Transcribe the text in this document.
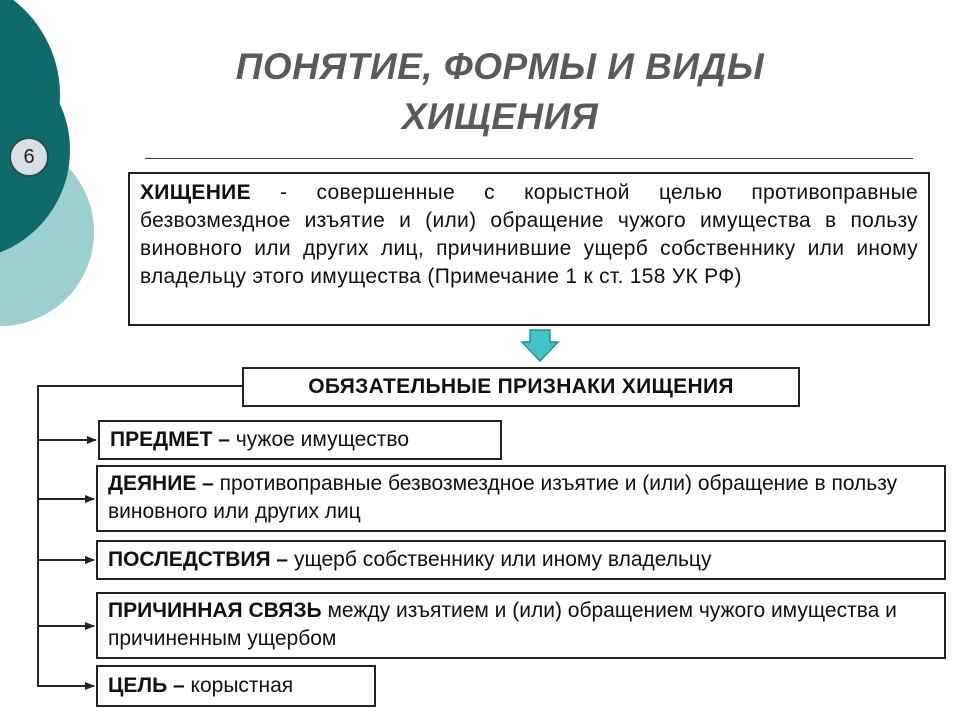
6
ПОНЯТИЕ, ФОРМЫ И ВИДЫ
ХИЩЕНИЯ
ХИЩЕНИЕ - совершенные с корыстной целью противоправные безвозмездное изъятие и (или) обращение чужого имущества в пользу виновного или других лиц, причинившие ущерб собственнику или иному владельцу этого имущества (Примечание 1 к ст. 158 УК РФ)
ОБЯЗАТЕЛЬНЫЕ ПРИЗНАКИ ХИЩЕНИЯ
ПРЕДМЕТ – чужое имущество
ДЕЯНИЕ – противоправные безвозмездное изъятие и (или) обращение в пользу виновного или других лиц
ПОСЛЕДСТВИЯ – ущерб собственнику или иному владельцу
ПРИЧИННАЯ СВЯЗЬ между изъятием и (или) обращением чужого имущества и причиненным ущербом
ЦЕЛЬ – корыстная
